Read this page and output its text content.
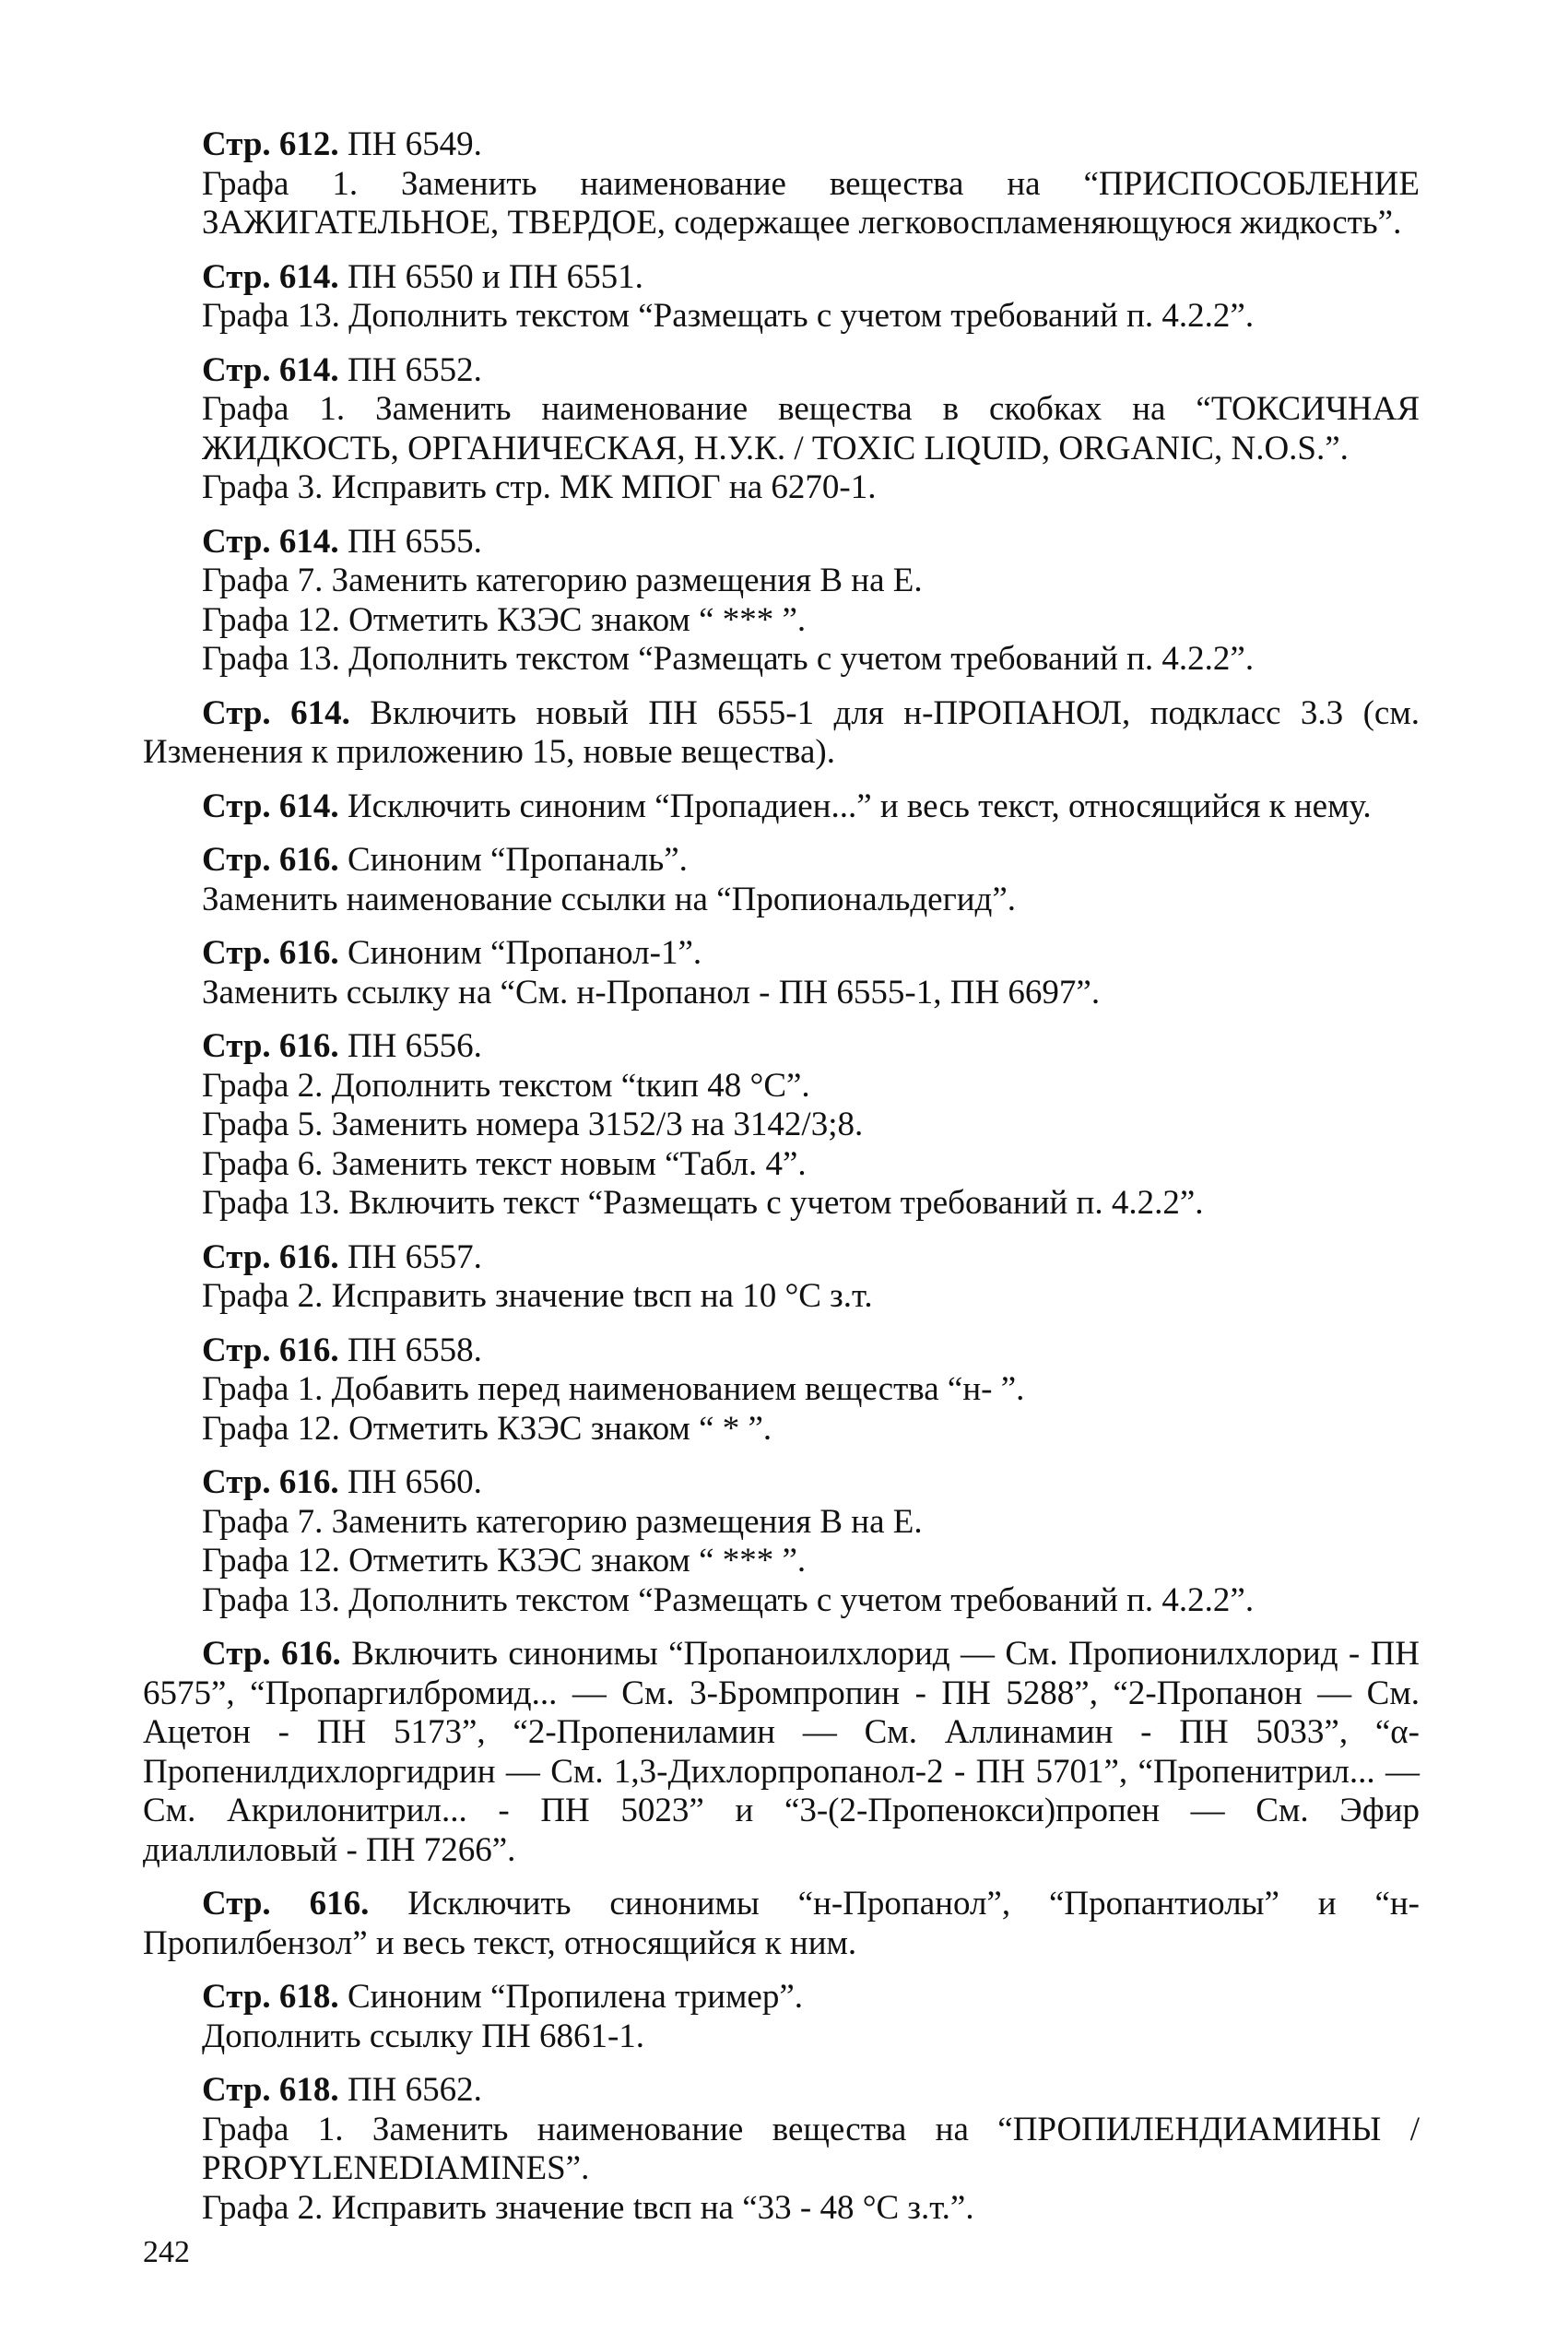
Стр. 612. ПН 6549.

Графа 1. Заменить наименование вещества на “ПРИСПОСОБЛЕНИЕ ЗАЖИГАТЕЛЬНОЕ, ТВЕРДОЕ, содержащее легковоспламеняющуюся жидкость”.

Стр. 614. ПН 6550 и ПН 6551.

Графа 13. Дополнить текстом “Размещать с учетом требований п. 4.2.2”.

Стр. 614. ПН 6552.

Графа 1. Заменить наименование вещества в скобках на “ТОКСИЧНАЯ ЖИДКОСТЬ, ОРГАНИЧЕСКАЯ, Н.У.К. / TOXIC LIQUID, ORGANIC, N.O.S.”.

Графа 3. Исправить стр. МК МПОГ на 6270-1.

Стр. 614. ПН 6555.

Графа 7. Заменить категорию размещения В на Е.

Графа 12. Отметить КЗЭС знаком “ *** ”.

Графа 13. Дополнить текстом “Размещать с учетом требований п. 4.2.2”.

Стр. 614. Включить новый ПН 6555-1 для н-ПРОПАНОЛ, подкласс 3.3 (см. Изменения к приложению 15, новые вещества).

Стр. 614. Исключить синоним “Пропадиен...” и весь текст, относящийся к нему.

Стр. 616. Синоним “Пропаналь”.

Заменить наименование ссылки на “Пропиональдегид”.

Стр. 616. Синоним “Пропанол-1”.

Заменить ссылку на “См. н-Пропанол - ПН 6555-1, ПН 6697”.

Стр. 616. ПН 6556.

Графа 2. Дополнить текстом “tкип 48 °С”.

Графа 5. Заменить номера 3152/3 на 3142/3;8.

Графа 6. Заменить текст новым “Табл. 4”.

Графа 13. Включить текст “Размещать с учетом требований п. 4.2.2”.

Стр. 616. ПН 6557.

Графа 2. Исправить значение tвсп на 10 °С з.т.

Стр. 616. ПН 6558.

Графа 1. Добавить перед наименованием вещества “н- ”.

Графа 12. Отметить КЗЭС знаком “ * ”.

Стр. 616. ПН 6560.

Графа 7. Заменить категорию размещения В на Е.

Графа 12. Отметить КЗЭС знаком “ *** ”.

Графа 13. Дополнить текстом “Размещать с учетом требований п. 4.2.2”.

Стр. 616. Включить синонимы “Пропаноилхлорид — См. Пропионилхлорид - ПН 6575”, “Пропаргилбромид... — См. 3-Бромпропин - ПН 5288”, “2-Пропанон — См. Ацетон - ПН 5173”, “2-Пропениламин — См. Аллинамин - ПН 5033”, “α-Пропенилдихлоргидрин — См. 1,3-Дихлорпропанол-2 - ПН 5701”, “Пропенитрил... — См. Акрилонитрил... - ПН 5023” и “3-(2-Пропенокси)пропен — См. Эфир диаллиловый - ПН 7266”.

Стр. 616. Исключить синонимы “н-Пропанол”, “Пропантиолы” и “н-Пропилбензол” и весь текст, относящийся к ним.

Стр. 618. Синоним “Пропилена тример”.

Дополнить ссылку ПН 6861-1.

Стр. 618. ПН 6562.

Графа 1. Заменить наименование вещества на “ПРОПИЛЕНДИАМИНЫ / PROPYLENEDIAMINES”.

Графа 2. Исправить значение tвсп на “33 - 48 °С з.т.”.

242
